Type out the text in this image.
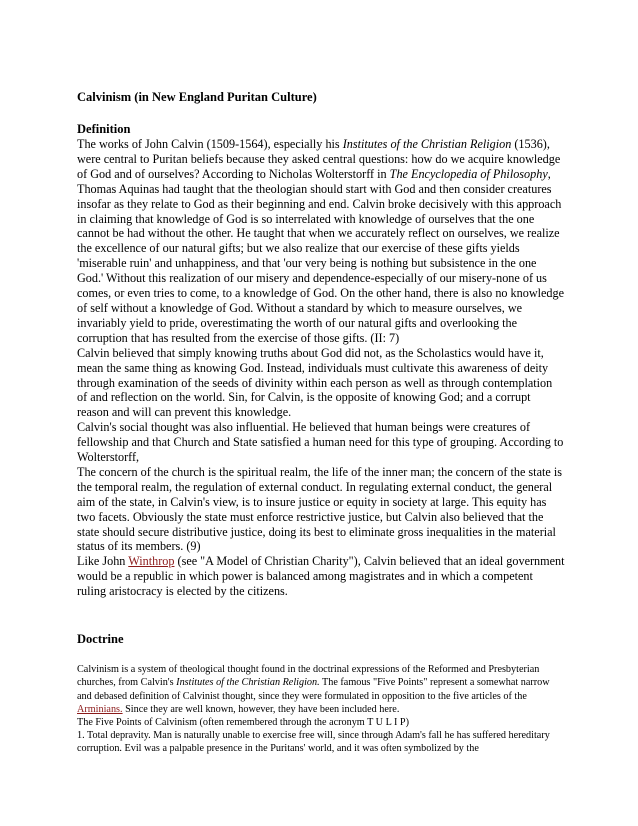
Calvinism (in New England Puritan Culture)

Definition

The works of John Calvin (1509-1564), especially his Institutes of the Christian Religion (1536), were central to Puritan beliefs because they asked central questions: how do we acquire knowledge of God and of ourselves? According to Nicholas Wolterstorff in The Encyclopedia of Philosophy,

Thomas Aquinas had taught that the theologian should start with God and then consider creatures insofar as they relate to God as their beginning and end. Calvin broke decisively with this approach in claiming that knowledge of God is so interrelated with knowledge of ourselves that the one cannot be had without the other. He taught that when we accurately reflect on ourselves, we realize the excellence of our natural gifts; but we also realize that our exercise of these gifts yields 'miserable ruin' and unhappiness, and that 'our very being is nothing but subsistence in the one God.' Without this realization of our misery and dependence-especially of our misery-none of us comes, or even tries to come, to a knowledge of God. On the other hand, there is also no knowledge of self without a knowledge of God. Without a standard by which to measure ourselves, we invariably yield to pride, overestimating the worth of our natural gifts and overlooking the corruption that has resulted from the exercise of those gifts. (II: 7)

Calvin believed that simply knowing truths about God did not, as the Scholastics would have it, mean the same thing as knowing God. Instead, individuals must cultivate this awareness of deity through examination of the seeds of divinity within each person as well as through contemplation of and reflection on the world. Sin, for Calvin, is the opposite of knowing God; and a corrupt reason and will can prevent this knowledge.

Calvin's social thought was also influential. He believed that human beings were creatures of fellowship and that Church and State satisfied a human need for this type of grouping. According to Wolterstorff,

The concern of the church is the spiritual realm, the life of the inner man; the concern of the state is the temporal realm, the regulation of external conduct. In regulating external conduct, the general aim of the state, in Calvin's view, is to insure justice or equity in society at large. This equity has two facets. Obviously the state must enforce restrictive justice, but Calvin also believed that the state should secure distributive justice, doing its best to eliminate gross inequalities in the material status of its members. (9)

Like John Winthrop (see "A Model of Christian Charity"), Calvin believed that an ideal government would be a republic in which power is balanced among magistrates and in which a competent ruling aristocracy is elected by the citizens.

Doctrine

Calvinism is a system of theological thought found in the doctrinal expressions of the Reformed and Presbyterian churches, from Calvin's Institutes of the Christian Religion. The famous "Five Points" represent a somewhat narrow and debased definition of Calvinist thought, since they were formulated in opposition to the five articles of the Arminians. Since they are well known, however, they have been included here.

The Five Points of Calvinism (often remembered through the acronym T U L I P)

1. Total depravity. Man is naturally unable to exercise free will, since through Adam's fall he has suffered hereditary corruption. Evil was a palpable presence in the Puritans' world, and it was often symbolized by the
